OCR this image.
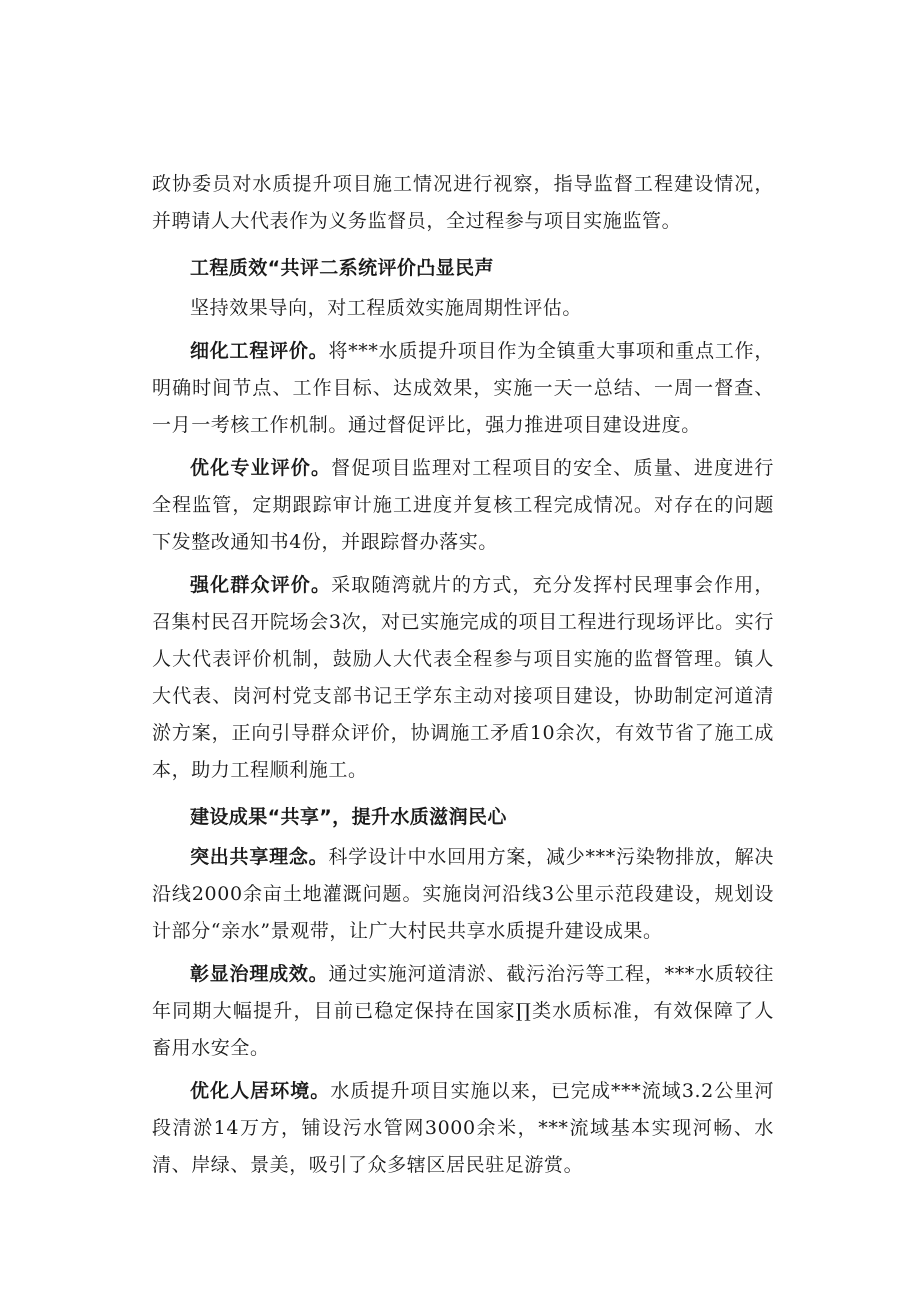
政协委员对水质提升项目施工情况进行视察，指导监督工程建设情况，并聘请人大代表作为义务监督员，全过程参与项目实施监管。

工程质效“共评二系统评价凸显民声

坚持效果导向，对工程质效实施周期性评估。

细化工程评价。将***水质提升项目作为全镇重大事项和重点工作，明确时间节点、工作目标、达成效果，实施一天一总结、一周一督查、一月一考核工作机制。通过督促评比，强力推进项目建设进度。

优化专业评价。督促项目监理对工程项目的安全、质量、进度进行全程监管，定期跟踪审计施工进度并复核工程完成情况。对存在的问题下发整改通知书4份，并跟踪督办落实。

强化群众评价。采取随湾就片的方式，充分发挥村民理事会作用，召集村民召开院场会3次，对已实施完成的项目工程进行现场评比。实行人大代表评价机制，鼓励人大代表全程参与项目实施的监督管理。镇人大代表、岗河村党支部书记王学东主动对接项目建设，协助制定河道清淤方案，正向引导群众评价，协调施工矛盾10余次，有效节省了施工成本，助力工程顺利施工。

建设成果“共享”，提升水质滋润民心

突出共享理念。科学设计中水回用方案，减少***污染物排放，解决沿线2000余亩土地灌溉问题。实施岗河沿线3公里示范段建设，规划设计部分“亲水”景观带，让广大村民共享水质提升建设成果。

彰显治理成效。通过实施河道清淤、截污治污等工程，***水质较往年同期大幅提升，目前已稳定保持在国家∏类水质标准，有效保障了人畜用水安全。

优化人居环境。水质提升项目实施以来，已完成***流域3.2公里河段清淤14万方，铺设污水管网3000余米，***流域基本实现河畅、水清、岸绿、景美，吸引了众多辖区居民驻足游赏。
